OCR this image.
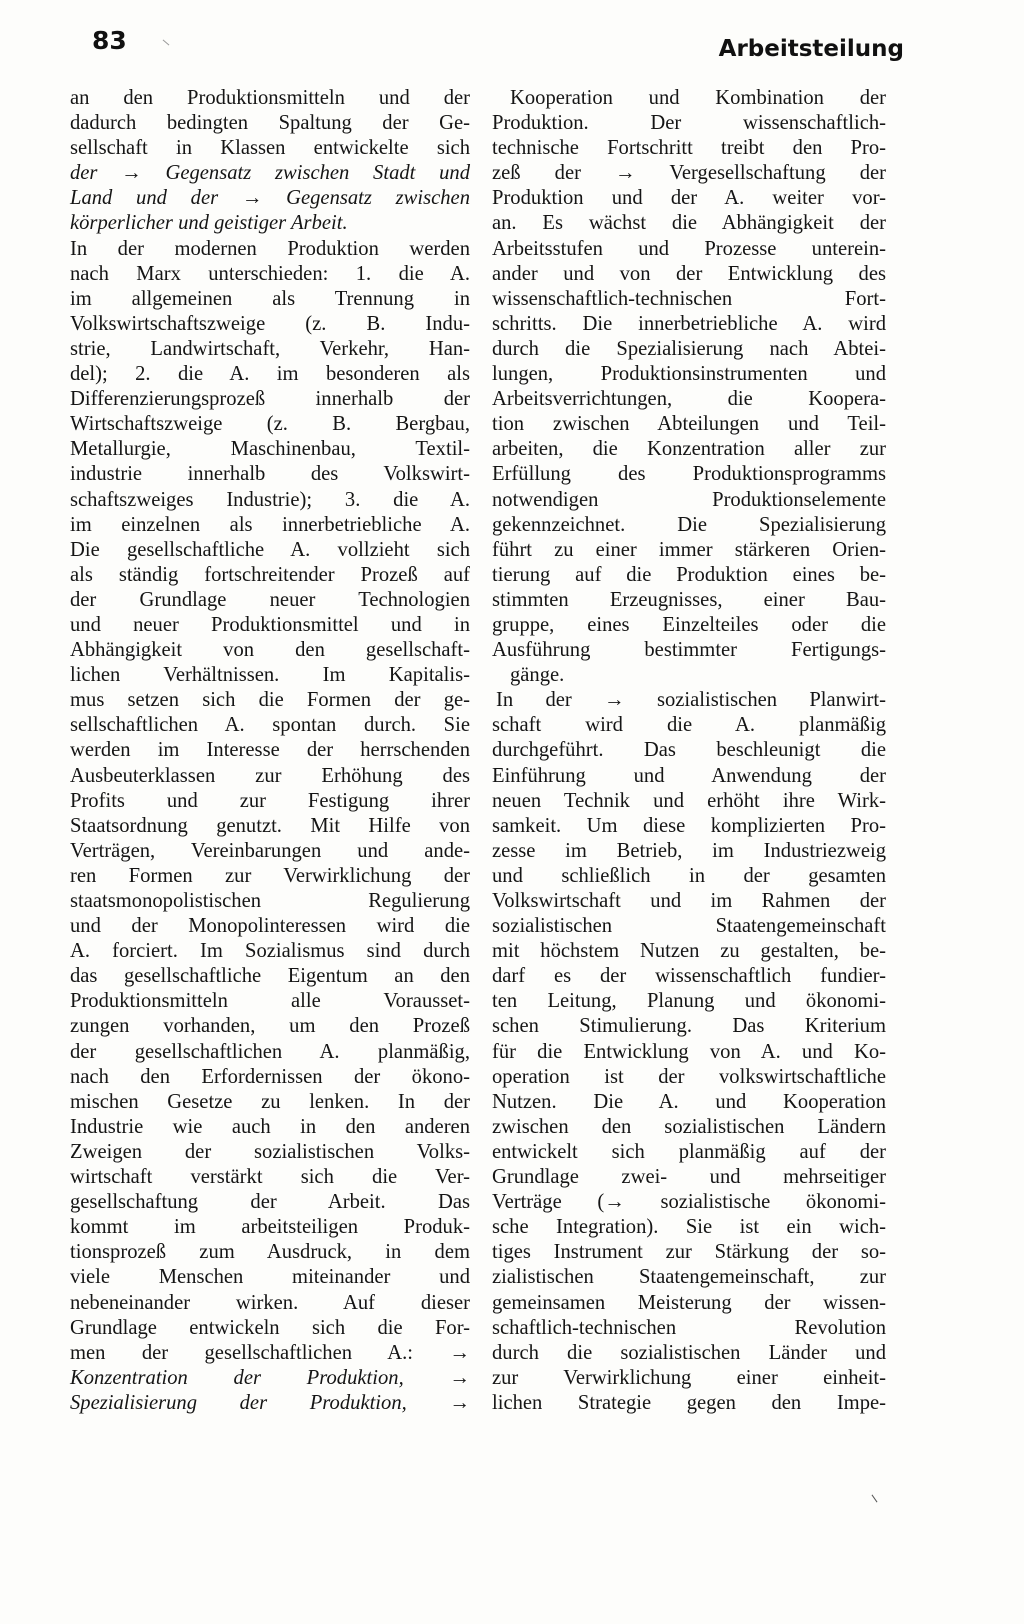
83	Arbeitsteilung
an den Produktionsmitteln und der
dadurch bedingten Spaltung der Ge-
sellschaft in Klassen entwickelte sich
der → Gegensatz zwischen Stadt und
Land und der → Gegensatz zwischen
körperlicher und geistiger Arbeit.
In der modernen Produktion werden
nach Marx unterschieden: 1. die A.
im allgemeinen als Trennung in
Volkswirtschaftszweige (z. B. Indu-
strie, Landwirtschaft, Verkehr, Han-
del); 2. die A. im besonderen als
Differenzierungsprozeß innerhalb der
Wirtschaftszweige (z. B. Bergbau,
Metallurgie, Maschinenbau, Textil-
industrie innerhalb des Volkswirt-
schaftszweiges Industrie); 3. die A.
im einzelnen als innerbetriebliche A.
Die gesellschaftliche A. vollzieht sich
als ständig fortschreitender Prozeß auf
der Grundlage neuer Technologien
und neuer Produktionsmittel und in
Abhängigkeit von den gesellschaft-
lichen Verhältnissen. Im Kapitalis-
mus setzen sich die Formen der ge-
sellschaftlichen A. spontan durch. Sie
werden im Interesse der herrschenden
Ausbeuterklassen zur Erhöhung des
Profits und zur Festigung ihrer
Staatsordnung genutzt. Mit Hilfe von
Verträgen, Vereinbarungen und ande-
ren Formen zur Verwirklichung der
staatsmonopolistischen Regulierung
und der Monopolinteressen wird die
A. forciert. Im Sozialismus sind durch
das gesellschaftliche Eigentum an den
Produktionsmitteln alle Vorausset-
zungen vorhanden, um den Prozeß
der gesellschaftlichen A. planmäßig,
nach den Erfordernissen der ökono-
mischen Gesetze zu lenken. In der
Industrie wie auch in den anderen
Zweigen der sozialistischen Volks-
wirtschaft verstärkt sich die Ver-
gesellschaftung der Arbeit. Das
kommt im arbeitsteiligen Produk-
tionsprozeß zum Ausdruck, in dem
viele Menschen miteinander und
nebeneinander wirken. Auf dieser
Grundlage entwickeln sich die For-
men der gesellschaftlichen A.: →
Konzentration der Produktion, →
Spezialisierung der Produktion, →
Kooperation und Kombination der
Produktion. Der wissenschaftlich-
technische Fortschritt treibt den Pro-
zeß der → Vergesellschaftung der
Produktion und der A. weiter vor-
an. Es wächst die Abhängigkeit der
Arbeitsstufen und Prozesse unterein-
ander und von der Entwicklung des
wissenschaftlich-technischen Fort-
schritts. Die innerbetriebliche A. wird
durch die Spezialisierung nach Abtei-
lungen, Produktionsinstrumenten und
Arbeitsverrichtungen, die Koopera-
tion zwischen Abteilungen und Teil-
arbeiten, die Konzentration aller zur
Erfüllung des Produktionsprogramms
notwendigen Produktionselemente
gekennzeichnet. Die Spezialisierung
führt zu einer immer stärkeren Orien-
tierung auf die Produktion eines be-
stimmten Erzeugnisses, einer Bau-
gruppe, eines Einzelteiles oder die
Ausführung bestimmter Fertigungs-
gänge.
In der → sozialistischen Planwirt-
schaft wird die A. planmäßig
durchgeführt. Das beschleunigt die
Einführung und Anwendung der
neuen Technik und erhöht ihre Wirk-
samkeit. Um diese komplizierten Pro-
zesse im Betrieb, im Industriezweig
und schließlich in der gesamten
Volkswirtschaft und im Rahmen der
sozialistischen Staatengemeinschaft
mit höchstem Nutzen zu gestalten, be-
darf es der wissenschaftlich fundier-
ten Leitung, Planung und ökonomi-
schen Stimulierung. Das Kriterium
für die Entwicklung von A. und Ko-
operation ist der volkswirtschaftliche
Nutzen. Die A. und Kooperation
zwischen den sozialistischen Ländern
entwickelt sich planmäßig auf der
Grundlage zwei- und mehrseitiger
Verträge (→ sozialistische ökonomi-
sche Integration). Sie ist ein wich-
tiges Instrument zur Stärkung der so-
zialistischen Staatengemeinschaft, zur
gemeinsamen Meisterung der wissen-
schaftlich-technischen Revolution
durch die sozialistischen Länder und
zur Verwirklichung einer einheit-
lichen Strategie gegen den Impe-
